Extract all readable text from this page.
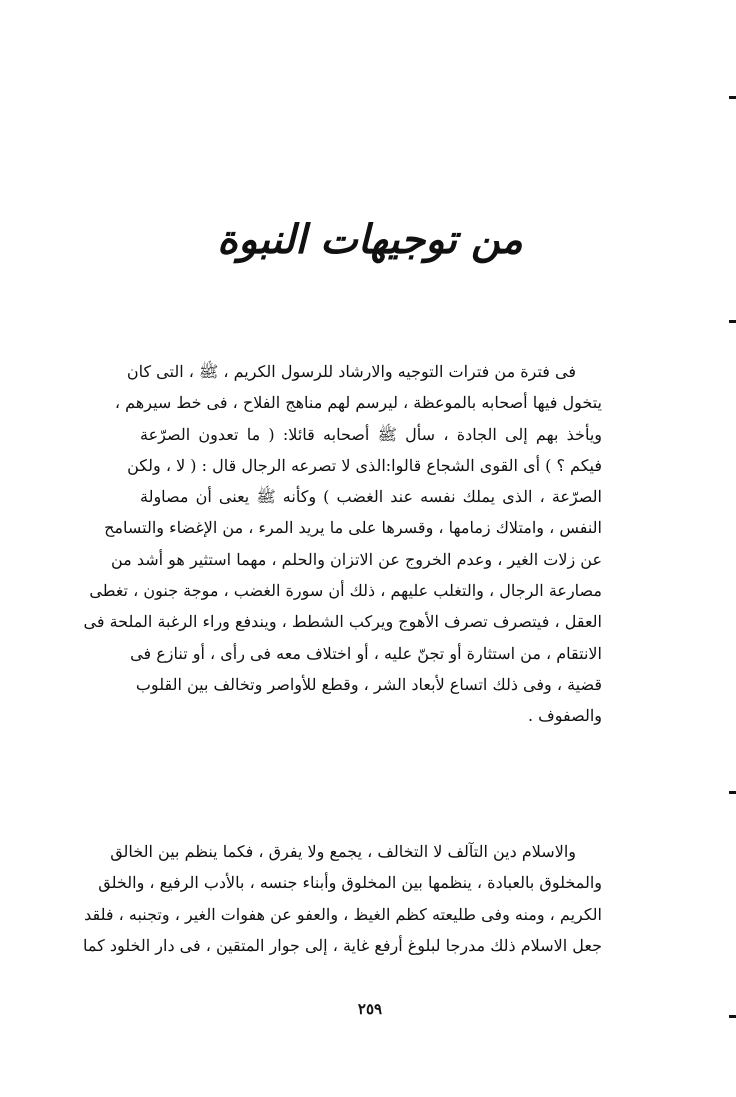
من توجيهات النبوة
فى فترة من فترات التوجيه والارشاد للرسول الكريم ، ﷺ ، التى كان
يتخول فيها أصحابه بالموعظة ، ليرسم لهم مناهج الفلاح ، فى خط سيرهم ،
ويأخذ بهم إلى الجادة ، سأل ﷺ أصحابه قائلا: ( ما تعدون الصرّعة
فيكم ؟ ) أى القوى الشجاع قالوا:الذى لا تصرعه الرجال قال : ( لا ، ولكن
الصرّعة ، الذى يملك نفسه عند الغضب ) وكأنه ﷺ يعنى أن مصاولة
النفس ، وامتلاك زمامها ، وقسرها على ما يريد المرء ، من الإغضاء والتسامح
عن زلات الغير ، وعدم الخروج عن الاتزان والحلم ، مهما استثير هو أشد من
مصارعة الرجال ، والتغلب عليهم ، ذلك أن سورة الغضب ، موجة جنون ، تغطى
العقل ، فيتصرف تصرف الأهوج ويركب الشطط ، ويندفع وراء الرغبة الملحة فى
الانتقام ، من استثارة أو تجنّ عليه ، أو اختلاف معه فى رأى ، أو تنازع فى
قضية ، وفى ذلك اتساع لأبعاد الشر ، وقطع للأواصر وتخالف بين القلوب
والصفوف .
والاسلام دين التآلف لا التخالف ، يجمع ولا يفرق ، فكما ينظم بين الخالق
والمخلوق بالعبادة ، ينظمها بين المخلوق وأبناء جنسه ، بالأدب الرفيع ، والخلق
الكريم ، ومنه وفى طليعته كظم الغيظ ، والعفو عن هفوات الغير ، وتجنبه ، فلقد
جعل الاسلام ذلك مدرجا لبلوغ أرفع غاية ، إلى جوار المتقين ، فى دار الخلود كما
٢٥٩
